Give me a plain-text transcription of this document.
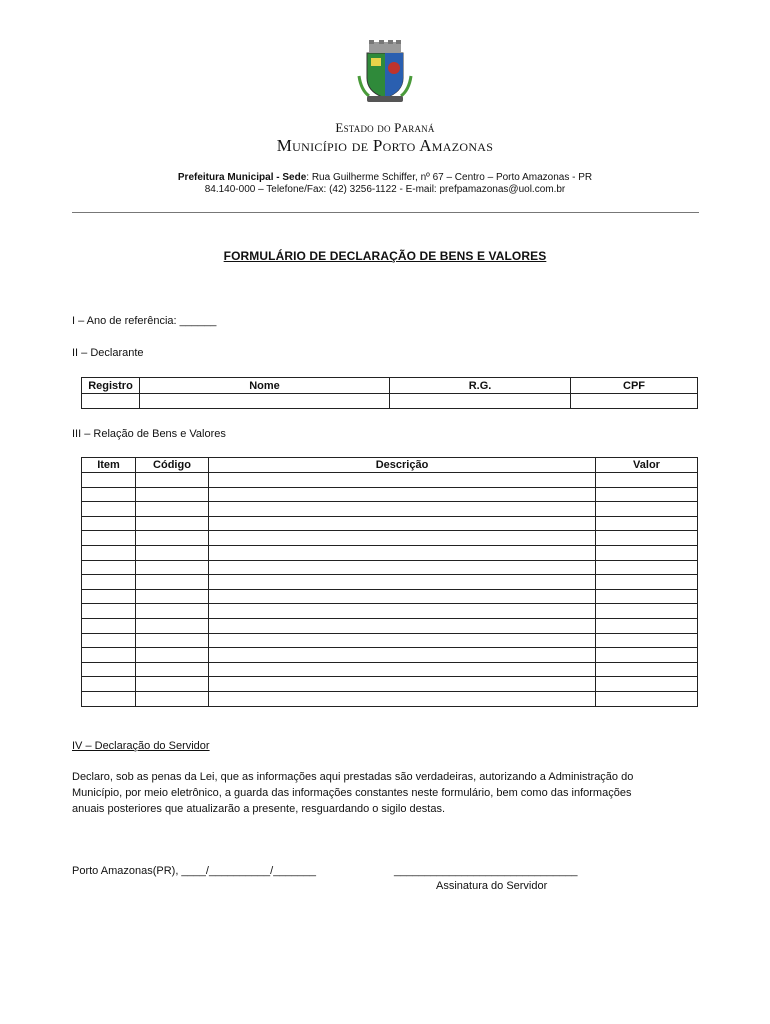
Estado do Paraná
Município de Porto Amazonas
Prefeitura Municipal - Sede: Rua Guilherme Schiffer, nº 67 – Centro – Porto Amazonas - PR
84.140-000 – Telefone/Fax: (42) 3256-1122 - E-mail: prefpamazonas@uol.com.br
FORMULÁRIO DE DECLARAÇÃO DE BENS E VALORES
I – Ano de referência: ______
II – Declarante
Registro	Nome	R.G.	CPF

III – Relação de Bens e Valores
Item	Código	Descrição	Valor

IV – Declaração do Servidor

Declaro, sob as penas da Lei, que as informações aqui prestadas são verdadeiras, autorizando a Administração do

Município, por meio eletrônico, a guarda das informações constantes neste formulário, bem como das informações

anuais posteriores que atualizarão a presente, resguardando o sigilo destas.

Porto Amazonas(PR), ____/__________/_______	______________________________
Assinatura do Servidor
